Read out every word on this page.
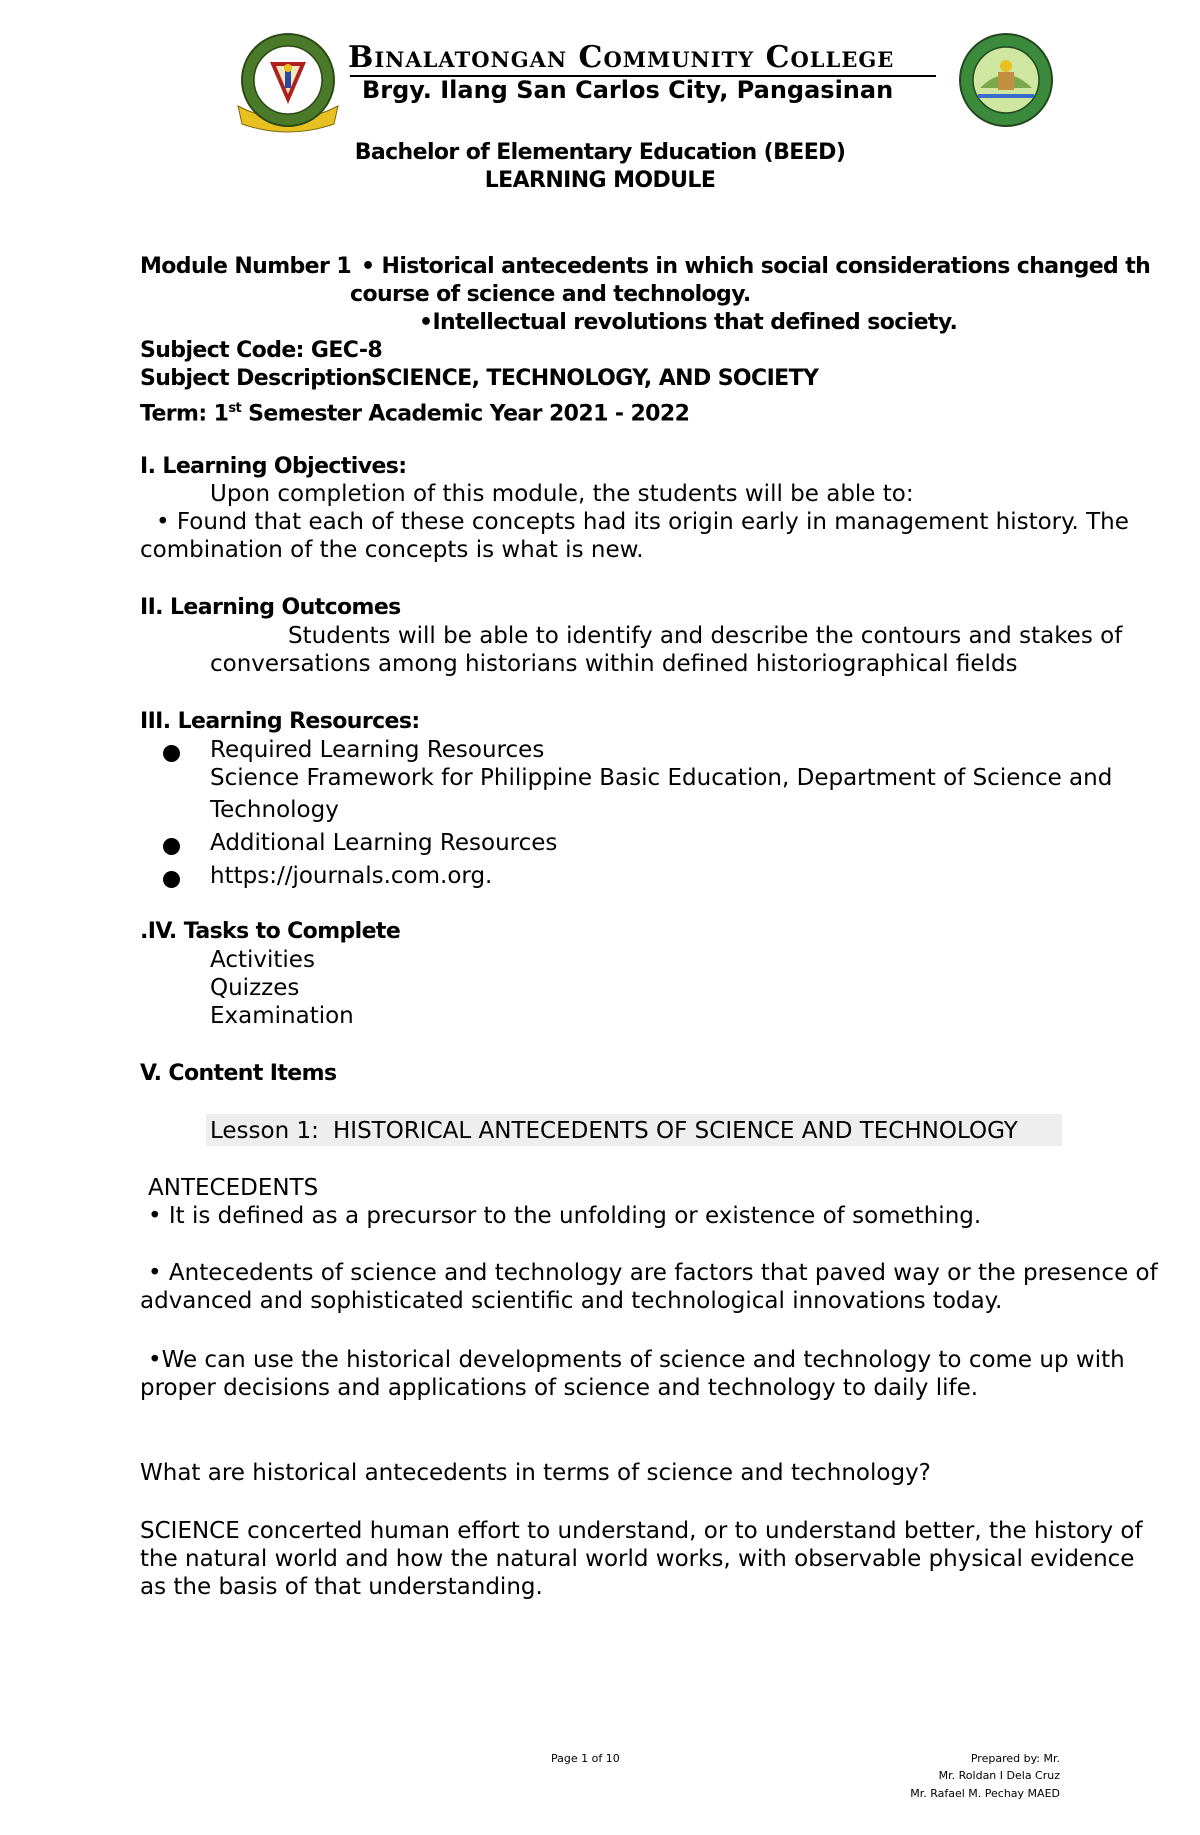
Binalatongan Community College
Brgy. Ilang San Carlos City, Pangasinan
Bachelor of Elementary Education (BEED)
LEARNING MODULE
Module Number 1 • Historical antecedents in which social considerations changed th
course of science and technology.
•Intellectual revolutions that defined society.
Subject Code: GEC-8
Subject Description:
SCIENCE, TECHNOLOGY, AND SOCIETY
Term: 1st Semester Academic Year 2021 - 2022
I. Learning Objectives:
Upon completion of this module, the students will be able to:
• Found that each of these concepts had its origin early in management history. The
combination of the concepts is what is new.
II. Learning Outcomes
Students will be able to identify and describe the contours and stakes of
conversations among historians within defined historiographical fields
III. Learning Resources:
Required Learning Resources
Science Framework for Philippine Basic Education, Department of Science and
Technology
Additional Learning Resources
https://journals.com.org.
.IV. Tasks to Complete
Activities
Quizzes
Examination
V. Content Items
Lesson 1: HISTORICAL ANTECEDENTS OF SCIENCE AND TECHNOLOGY
ANTECEDENTS
• It is defined as a precursor to the unfolding or existence of something.
• Antecedents of science and technology are factors that paved way or the presence of
advanced and sophisticated scientific and technological innovations today.
•We can use the historical developments of science and technology to come up with
proper decisions and applications of science and technology to daily life.
What are historical antecedents in terms of science and technology?
SCIENCE concerted human effort to understand, or to understand better, the history of
the natural world and how the natural world works, with observable physical evidence
as the basis of that understanding.
Page 1 of 10	Prepared by: Mr.
Mr. Roldan I Dela Cruz
Mr. Rafael M. Pechay MAED
